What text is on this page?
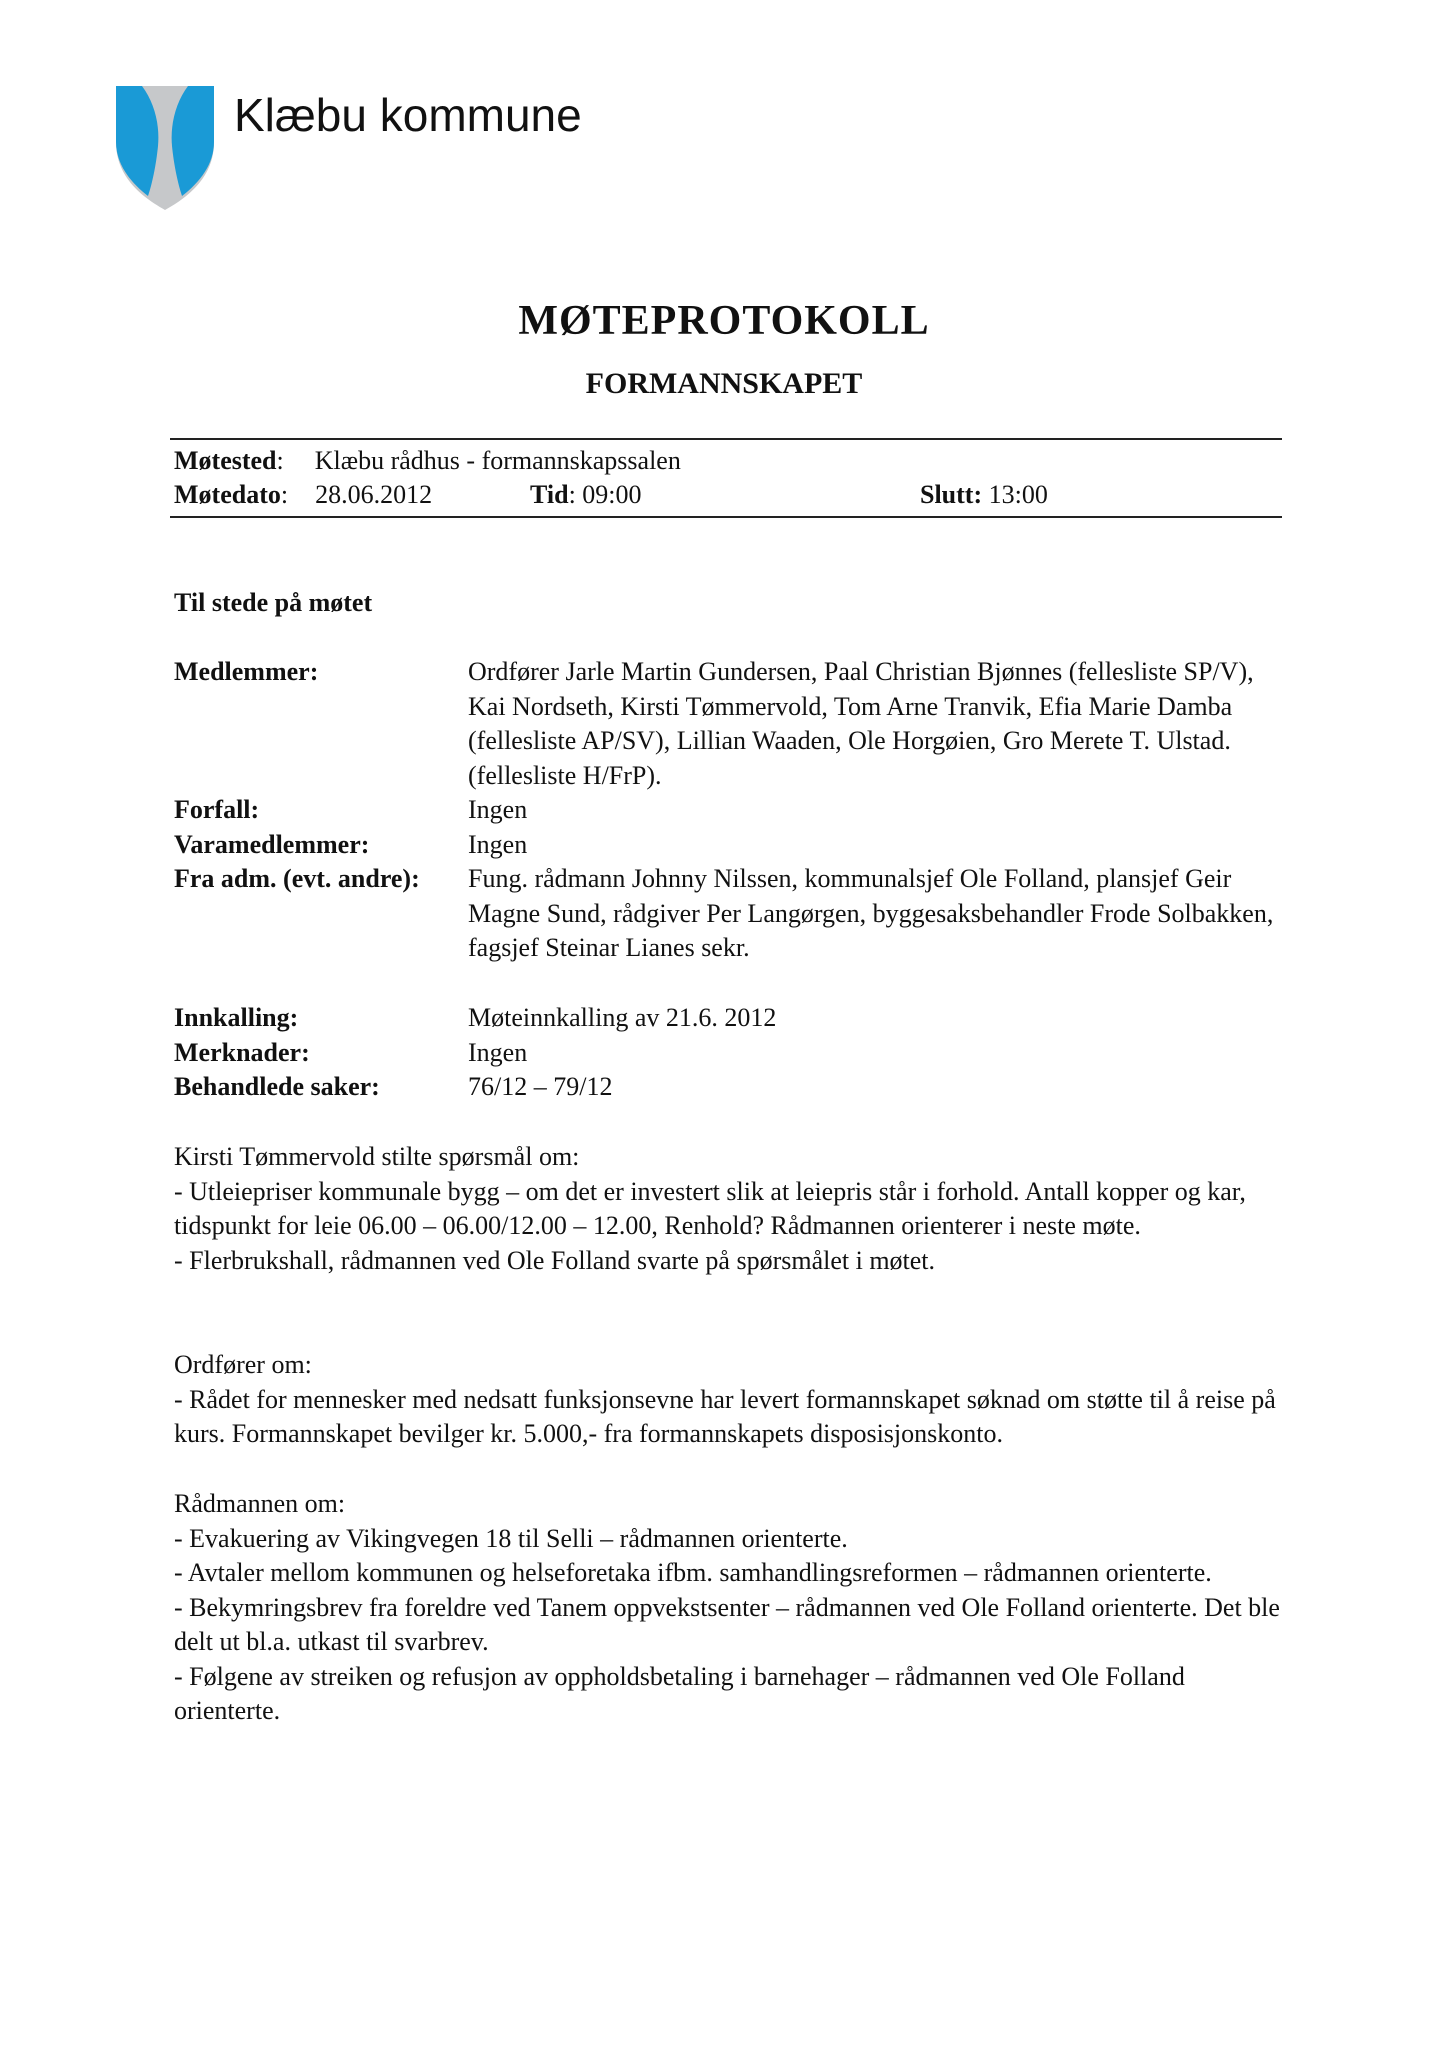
Klæbu kommune
MØTEPROTOKOLL
FORMANNSKAPET
Møtested: Klæbu rådhus - formannskapssalen
Møtedato: 28.06.2012	Tid: 09:00	Slutt: 13:00
Til stede på møtet
Medlemmer:	Ordfører Jarle Martin Gundersen, Paal Christian Bjønnes (fellesliste SP/V), Kai Nordseth, Kirsti Tømmervold, Tom Arne Tranvik, Efia Marie Damba (fellesliste AP/SV), Lillian Waaden, Ole Horgøien, Gro Merete T. Ulstad. (fellesliste H/FrP).
Forfall:	Ingen
Varamedlemmer:	Ingen
Fra adm. (evt. andre): Fung. rådmann Johnny Nilssen, kommunalsjef Ole Folland, plansjef Geir Magne Sund, rådgiver Per Langørgen, byggesaksbehandler Frode Solbakken, fagsjef Steinar Lianes sekr.
Innkalling:	Møteinnkalling av 21.6. 2012
Merknader:	Ingen
Behandlede saker:	76/12 – 79/12
Kirsti Tømmervold stilte spørsmål om:
- Utleiepriser kommunale bygg – om det er investert slik at leiepris står i forhold. Antall kopper og kar, tidspunkt for leie 06.00 – 06.00/12.00 – 12.00, Renhold? Rådmannen orienterer i neste møte.
- Flerbrukshall, rådmannen ved Ole Folland svarte på spørsmålet i møtet.
Ordfører om:
- Rådet for mennesker med nedsatt funksjonsevne har levert formannskapet søknad om støtte til å reise på kurs. Formannskapet bevilger kr. 5.000,- fra formannskapets disposisjonskonto.
Rådmannen om:
- Evakuering av Vikingvegen 18 til Selli – rådmannen orienterte.
- Avtaler mellom kommunen og helseforetaka ifbm. samhandlingsreformen – rådmannen orienterte.
- Bekymringsbrev fra foreldre ved Tanem oppvekstsenter – rådmannen ved Ole Folland orienterte. Det ble delt ut bl.a. utkast til svarbrev.
- Følgene av streiken og refusjon av oppholdsbetaling i barnehager – rådmannen ved Ole Folland orienterte.
